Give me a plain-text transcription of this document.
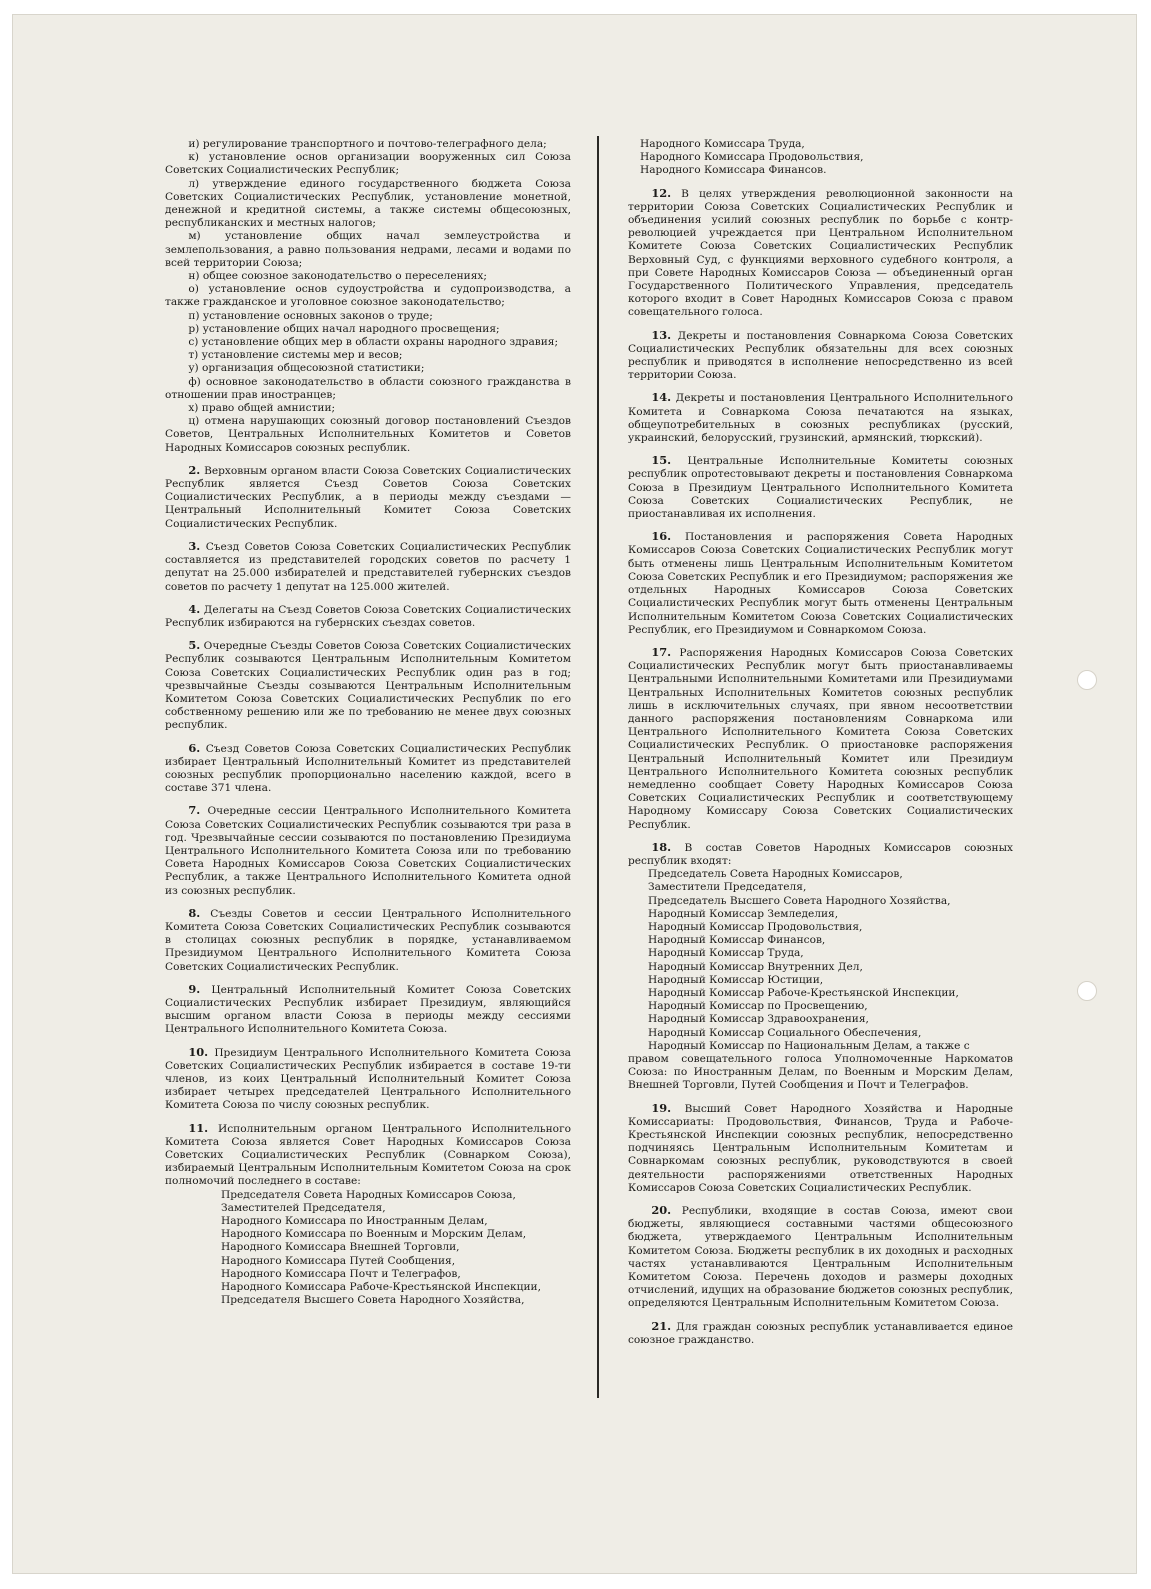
и) регулирование транспортного и почтово-телеграфного дела;

к) установление основ организации вооруженных сил Союза Советских Социалистических Республик;

л) утверждение единого государственного бюджета Союза Советских Социалистических Республик, установление монетной, денежной и кредитной системы, а также системы общесоюзных, республиканских и местных налогов;

м) установление общих начал землеустройства и землепользования, а равно пользования недрами, лесами и водами по всей территории Союза;

н) общее союзное законодательство о переселениях;

о) установление основ судоустройства и судопроизводства, а также гражданское и уголовное союзное законодательство;

п) установление основных законов о труде;

р) установление общих начал народного просвещения;

с) установление общих мер в области охраны народного здравия;

т) установление системы мер и весов;

у) организация общесоюзной статистики;

ф) основное законодательство в области союзного гражданства в отношении прав иностранцев;

х) право общей амнистии;

ц) отмена нарушающих союзный договор постановлений Съездов Советов, Центральных Исполнительных Комитетов и Советов Народных Комиссаров союзных республик.

2. Верховным органом власти Союза Советских Социалистических Республик является Съезд Советов Союза Советских Социалистических Республик, а в периоды между съездами — Центральный Исполнительный Комитет Союза Советских Социалистических Республик.

3. Съезд Советов Союза Советских Социалистических Республик составляется из представителей городских советов по расчету 1 депутат на 25.000 избирателей и представителей губернских съездов советов по расчету 1 депутат на 125.000 жителей.

4. Делегаты на Съезд Советов Союза Советских Социалистических Республик избираются на губернских съездах советов.

5. Очередные Съезды Советов Союза Советских Социалистических Республик созываются Центральным Исполнительным Комитетом Союза Советских Социалистических Республик один раз в год; чрезвычайные Съезды созываются Центральным Исполнительным Комитетом Союза Советских Социалистических Республик по его собственному решению или же по требованию не менее двух союзных республик.

6. Съезд Советов Союза Советских Социалистических Республик избирает Центральный Исполнительный Комитет из представителей союзных республик пропорционально населению каждой, всего в составе 371 члена.

7. Очередные сессии Центрального Исполнительного Комитета Союза Советских Социалистических Республик созываются три раза в год. Чрезвычайные сессии созываются по постановлению Президиума Центрального Исполнительного Комитета Союза или по требованию Совета Народных Комиссаров Союза Советских Социалистических Республик, а также Центрального Исполнительного Комитета одной из союзных республик.

8. Съезды Советов и сессии Центрального Исполнительного Комитета Союза Советских Социалистических Республик созываются в столицах союзных республик в порядке, устанавливаемом Президиумом Центрального Исполнительного Комитета Союза Советских Социалистических Республик.

9. Центральный Исполнительный Комитет Союза Советских Социалистических Республик избирает Президиум, являющийся высшим органом власти Союза в периоды между сессиями Центрального Исполнительного Комитета Союза.

10. Президиум Центрального Исполнительного Комитета Союза Советских Социалистических Республик избирается в составе 19-ти членов, из коих Центральный Исполнительный Комитет Союза избирает четырех председателей Центрального Исполнительного Комитета Союза по числу союзных республик.

11. Исполнительным органом Центрального Исполнительного Комитета Союза является Совет Народных Комиссаров Союза Советских Социалистических Республик (Совнарком Союза), избираемый Центральным Исполнительным Комитетом Союза на срок полномочий последнего в составе:

Председателя Совета Народных Комиссаров Союза,
Заместителей Председателя,
Народного Комиссара по Иностранным Делам,
Народного Комиссара по Военным и Морским Делам,
Народного Комиссара Внешней Торговли,
Народного Комиссара Путей Сообщения,
Народного Комиссара Почт и Телеграфов,
Народного Комиссара Рабоче-Крестьянской Инспекции,
Председателя Высшего Совета Народного Хозяйства,
Народного Комиссара Труда,
Народного Комиссара Продовольствия,
Народного Комиссара Финансов.

12. В целях утверждения революционной законности на территории Союза Советских Социалистических Республик и объединения усилий союзных республик по борьбе с контр-революцией учреждается при Центральном Исполнительном Комитете Союза Советских Социалистических Республик Верховный Суд, с функциями верховного судебного контроля, а при Совете Народных Комиссаров Союза — объединенный орган Государственного Политического Управления, председатель которого входит в Совет Народных Комиссаров Союза с правом совещательного голоса.

13. Декреты и постановления Совнаркома Союза Советских Социалистических Республик обязательны для всех союзных республик и приводятся в исполнение непосредственно из всей территории Союза.

14. Декреты и постановления Центрального Исполнительного Комитета и Совнаркома Союза печатаются на языках, общеупотребительных в союзных республиках (русский, украинский, белорусский, грузинский, армянский, тюркский).

15. Центральные Исполнительные Комитеты союзных республик опротестовывают декреты и постановления Совнаркома Союза в Президиум Центрального Исполнительного Комитета Союза Советских Социалистических Республик, не приостанавливая их исполнения.

16. Постановления и распоряжения Совета Народных Комиссаров Союза Советских Социалистических Республик могут быть отменены лишь Центральным Исполнительным Комитетом Союза Советских Республик и его Президиумом; распоряжения же отдельных Народных Комиссаров Союза Советских Социалистических Республик могут быть отменены Центральным Исполнительным Комитетом Союза Советских Социалистических Республик, его Президиумом и Совнаркомом Союза.

17. Распоряжения Народных Комиссаров Союза Советских Социалистических Республик могут быть приостанавливаемы Центральными Исполнительными Комитетами или Президиумами Центральных Исполнительных Комитетов союзных республик лишь в исключительных случаях, при явном несоответствии данного распоряжения постановлениям Совнаркома или Центрального Исполнительного Комитета Союза Советских Социалистических Республик. О приостановке распоряжения Центральный Исполнительный Комитет или Президиум Центрального Исполнительного Комитета союзных республик немедленно сообщает Совету Народных Комиссаров Союза Советских Социалистических Республик и соответствующему Народному Комиссару Союза Советских Социалистических Республик.

18. В состав Советов Народных Комиссаров союзных республик входят:

Председатель Совета Народных Комиссаров,
Заместители Председателя,
Председатель Высшего Совета Народного Хозяйства,
Народный Комиссар Земледелия,
Народный Комиссар Продовольствия,
Народный Комиссар Финансов,
Народный Комиссар Труда,
Народный Комиссар Внутренних Дел,
Народный Комиссар Юстиции,
Народный Комиссар Рабоче-Крестьянской Инспекции,
Народный Комиссар по Просвещению,
Народный Комиссар Здравоохранения,
Народный Комиссар Социального Обеспечения,
Народный Комиссар по Национальным Делам, а также с

правом совещательного голоса Уполномоченные Наркоматов Союза: по Иностранным Делам, по Военным и Морским Делам, Внешней Торговли, Путей Сообщения и Почт и Телеграфов.

19. Высший Совет Народного Хозяйства и Народные Комиссариаты: Продовольствия, Финансов, Труда и Рабоче-Крестьянской Инспекции союзных республик, непосредственно подчиняясь Центральным Исполнительным Комитетам и Совнаркомам союзных республик, руководствуются в своей деятельности распоряжениями ответственных Народных Комиссаров Союза Советских Социалистических Республик.

20. Республики, входящие в состав Союза, имеют свои бюджеты, являющиеся составными частями общесоюзного бюджета, утверждаемого Центральным Исполнительным Комитетом Союза. Бюджеты республик в их доходных и расходных частях устанавливаются Центральным Исполнительным Комитетом Союза. Перечень доходов и размеры доходных отчислений, идущих на образование бюджетов союзных республик, определяются Центральным Исполнительным Комитетом Союза.

21. Для граждан союзных республик устанавливается единое союзное гражданство.
